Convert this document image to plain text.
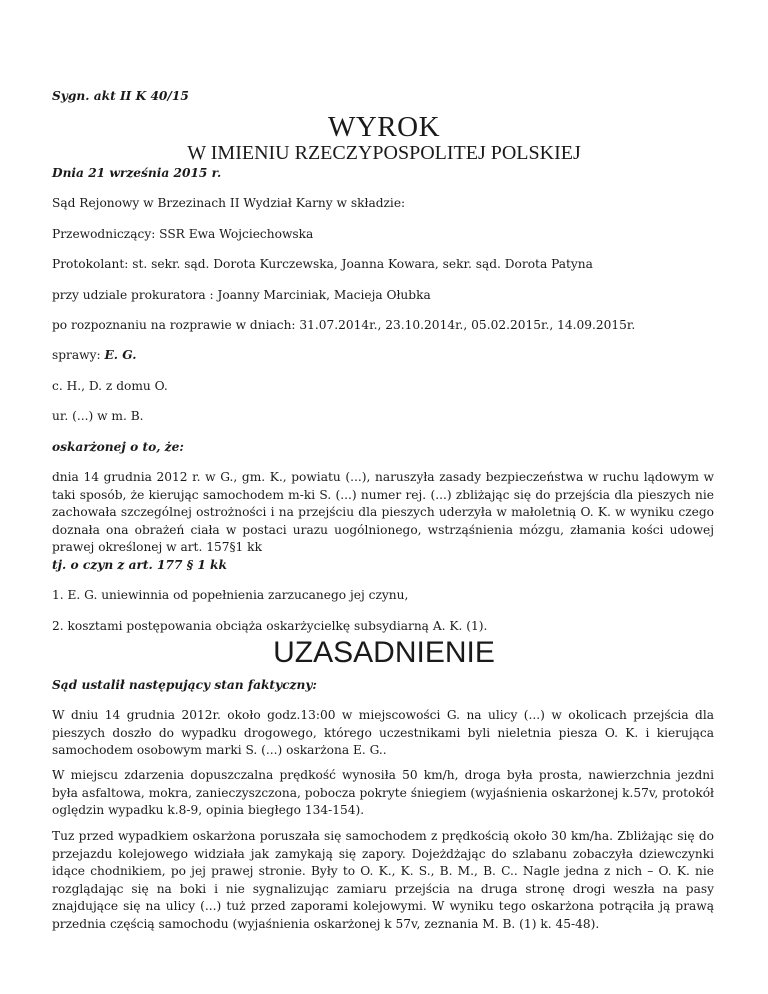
Sygn. akt II K 40/15

WYROK
W IMIENIU RZECZYPOSPOLITEJ POLSKIEJ

Dnia 21 września 2015 r.

Sąd Rejonowy w Brzezinach II Wydział Karny w składzie:

Przewodniczący: SSR Ewa Wojciechowska

Protokolant: st. sekr. sąd. Dorota Kurczewska, Joanna Kowara, sekr. sąd. Dorota Patyna

przy udziale prokuratora : Joanny Marciniak, Macieja Ołubka

po rozpoznaniu na rozprawie w dniach: 31.07.2014r., 23.10.2014r., 05.02.2015r., 14.09.2015r.

sprawy: E. G.

c. H., D. z domu O.

ur. (...) w m. B.

oskarżonej o to, że:

dnia 14 grudnia 2012 r. w G., gm. K., powiatu (...), naruszyła zasady bezpieczeństwa w ruchu lądowym w taki sposób, że kierując samochodem m-ki S. (...) numer rej. (...) zbliżając się do przejścia dla pieszych nie zachowała szczególnej ostrożności i na przejściu dla pieszych uderzyła w małoletnią O. K. w wyniku czego doznała ona obrażeń ciała w postaci urazu uogólnionego, wstrząśnienia mózgu, złamania kości udowej prawej określonej w art. 157§1 kk

tj. o czyn z art. 177 § 1 kk

1. E. G. uniewinnia od popełnienia zarzucanego jej czynu,
2. kosztami postępowania obciąża oskarżycielkę subsydiarną A. K. (1).
UZASADNIENIE

Sąd ustalił następujący stan faktyczny:

W dniu 14 grudnia 2012r. około godz.13:00 w miejscowości G. na ulicy (...) w okolicach przejścia dla pieszych doszło do wypadku drogowego, którego uczestnikami byli nieletnia piesza O. K. i kierująca samochodem osobowym marki S. (...) oskarżona E. G..

W miejscu zdarzenia dopuszczalna prędkość wynosiła 50 km/h, droga była prosta, nawierzchnia jezdni była asfaltowa, mokra, zanieczyszczona, pobocza pokryte śniegiem (wyjaśnienia oskarżonej k.57v, protokół oględzin wypadku k.8-9, opinia biegłego 134-154).

Tuz przed wypadkiem oskarżona poruszała się samochodem z prędkością około 30 km/ha. Zbliżając się do przejazdu kolejowego widziała jak zamykają się zapory. Dojeżdżając do szlabanu zobaczyła dziewczynki idące chodnikiem, po jej prawej stronie. Były to O. K., K. S., B. M., B. C.. Nagle jedna z nich – O. K. nie rozglądając się na boki i nie sygnalizując zamiaru przejścia na druga stronę drogi weszła na pasy znajdujące się na ulicy (...) tuż przed zaporami kolejowymi. W wyniku tego oskarżona potrąciła ją prawą przednia częścią samochodu (wyjaśnienia oskarżonej k 57v, zeznania M. B. (1) k. 45-48).
